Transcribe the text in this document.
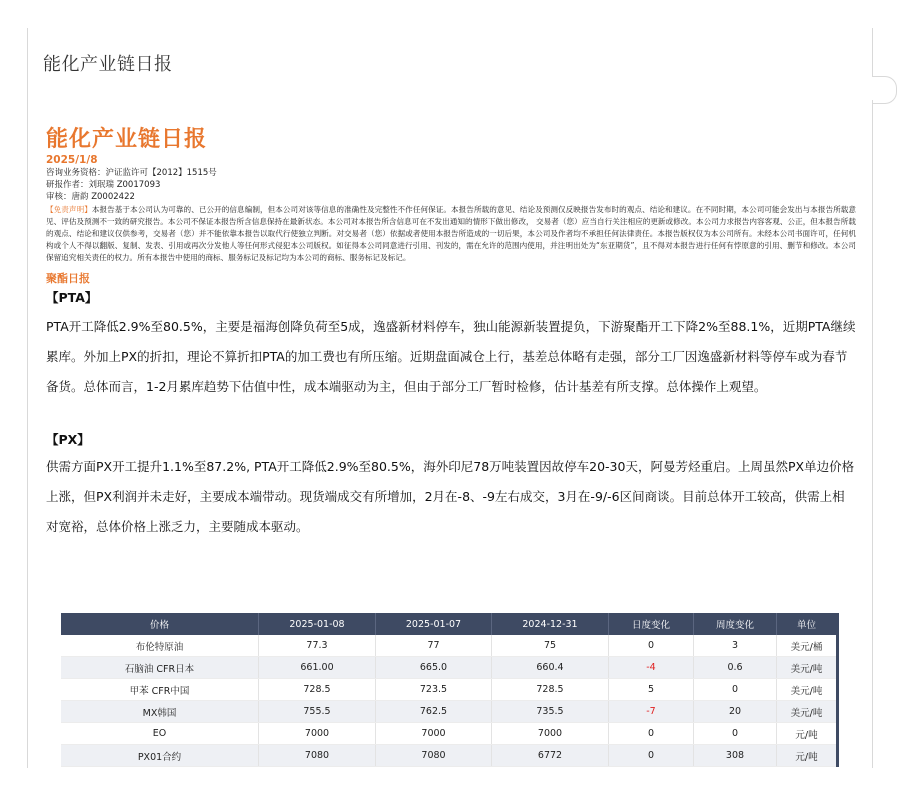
能化产业链日报
能化产业链日报
2025/1/8
咨询业务资格：沪证监许可【2012】1515号
研报作者：刘珉瑞 Z0017093
审核：唐韵 Z0002422
【免责声明】本报告基于本公司认为可靠的、已公开的信息编制，但本公司对该等信息的准确性及完整性不作任何保证。本报告所载的意见、结论及预测仅反映报告发布时的观点、结论和建议。在不同时期，本公司可能会发出与本报告所载意见、评估及预测不一致的研究报告。本公司不保证本报告所含信息保持在最新状态。本公司对本报告所含信息可在不发出通知的情形下做出修改， 交易者（您）应当自行关注相应的更新或修改。本公司力求报告内容客观、公正，但本报告所载的观点、结论和建议仅供参考，交易者（您）并不能依靠本报告以取代行使独立判断。对交易者（您）依据或者使用本报告所造成的一切后果，本公司及作者均不承担任何法律责任。本报告版权仅为本公司所有。未经本公司书面许可，任何机构或个人不得以翻版、复制、发表、引用或再次分发他人等任何形式侵犯本公司版权。如征得本公司同意进行引用、刊发的，需在允许的范围内使用，并注明出处为“东亚期货”，且不得对本报告进行任何有悖原意的引用、删节和修改。本公司保留追究相关责任的权力。所有本报告中使用的商标、服务标记及标记均为本公司的商标、服务标记及标记。
聚酯日报
【PTA】
PTA开工降低2.9%至80.5%，主要是福海创降负荷至5成，逸盛新材料停车，独山能源新装置提负，下游聚酯开工下降2%至88.1%，近期PTA继续累库。外加上PX的折扣，理论不算折扣PTA的加工费也有所压缩。近期盘面减仓上行，基差总体略有走强，部分工厂因逸盛新材料等停车或为春节备货。总体而言，1-2月累库趋势下估值中性，成本端驱动为主，但由于部分工厂暂时检修，估计基差有所支撑。总体操作上观望。
【PX】
供需方面PX开工提升1.1%至87.2%, PTA开工降低2.9%至80.5%，海外印尼78万吨装置因故停车20-30天，阿曼芳烃重启。上周虽然PX单边价格上涨，但PX利润并未走好，主要成本端带动。现货端成交有所增加，2月在-8、-9左右成交，3月在-9/-6区间商谈。目前总体开工较高，供需上相对宽裕，总体价格上涨乏力，主要随成本驱动。
价格	2025-01-08	2025-01-07	2024-12-31	日度变化	周度变化	单位
布伦特原油	77.3	77	75	0	3	美元/桶
石脑油 CFR日本	661.00	665.0	660.4	-4	0.6	美元/吨
甲苯 CFR中国	728.5	723.5	728.5	5	0	美元/吨
MX韩国	755.5	762.5	735.5	-7	20	美元/吨
EO	7000	7000	7000	0	0	元/吨
PX01合约	7080	7080	6772	0	308	元/吨
